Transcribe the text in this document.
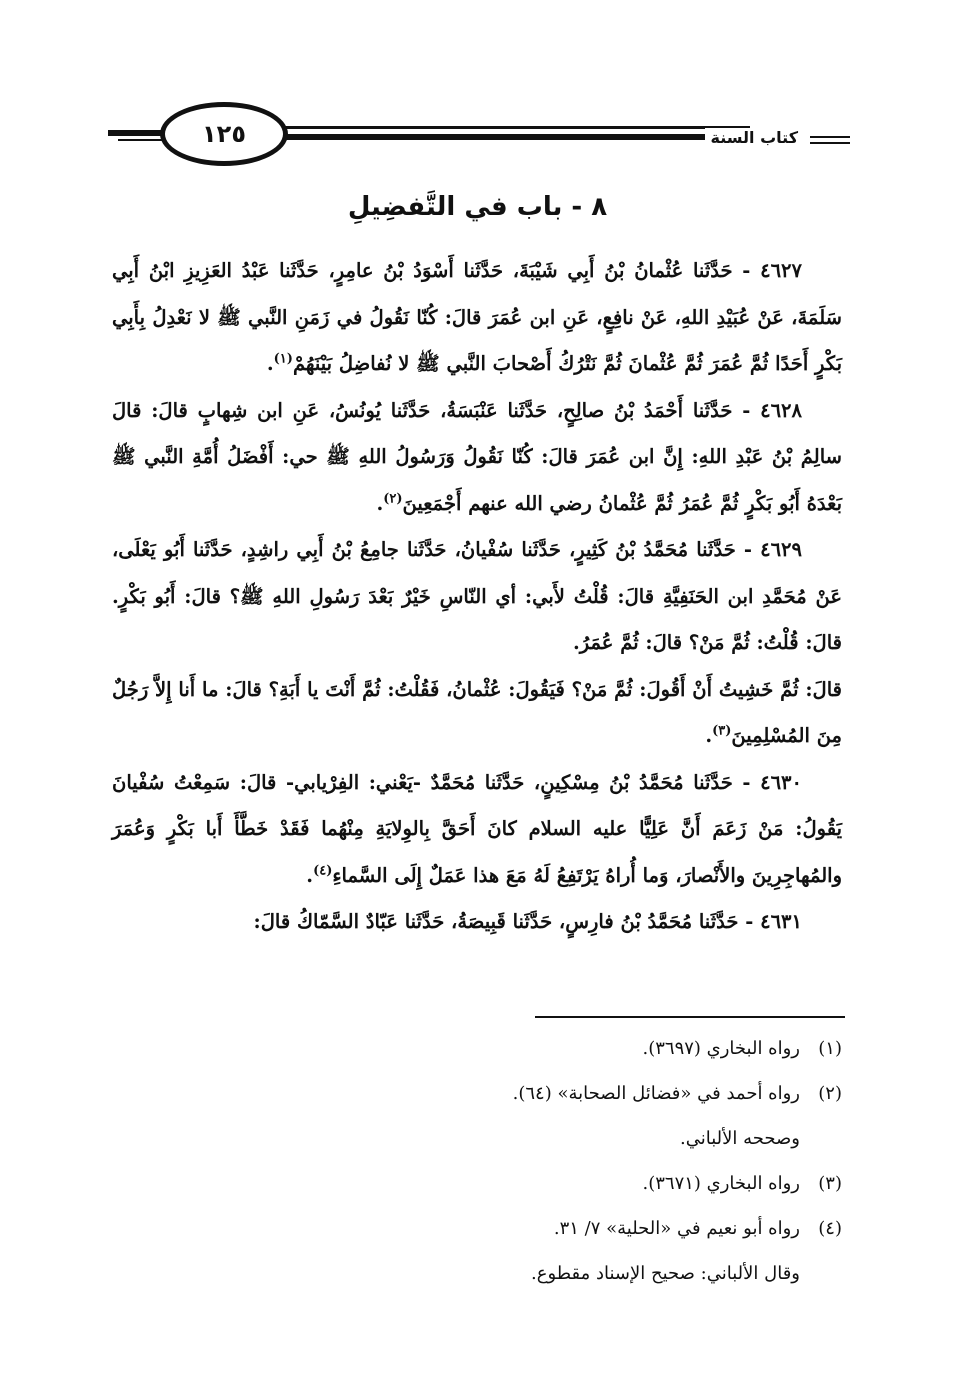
١٢٥	كتاب السنة
٨ - باب في التَّفضِيلِ

٤٦٢٧ - حَدَّثَنا عُثْمانُ بْنُ أَبِي شَيْبَةَ، حَدَّثَنا أَسْوَدُ بْنُ عامِرٍ، حَدَّثَنا عَبْدُ العَزِيزِ ابْنُ أَبِي سَلَمَةَ، عَنْ عُبَيْدِ اللهِ، عَنْ نافِعٍ، عَنِ ابن عُمَرَ قالَ: كُنّا نَقُولُ في زَمَنِ النَّبي ﷺ لا نَعْدِلُ بِأَبِي بَكْرٍ أَحَدًا ثُمَّ عُمَرَ ثُمَّ عُثْمانَ ثُمَّ نَتْرُكُ أَصْحابَ النَّبي ﷺ لا نُفاضِلُ بَيْنَهُمْ$^{(١)}$.

٤٦٢٨ - حَدَّثَنا أَحْمَدُ بْنُ صالِحٍ، حَدَّثَنا عَنْبَسَةُ، حَدَّثَنا يُونُسُ، عَنِ ابن شِهابٍ قالَ: قالَ سالِمُ بْنُ عَبْدِ اللهِ: إِنَّ ابن عُمَرَ قالَ: كُنّا نَقُولُ وَرَسُولُ اللهِ ﷺ حي: أَفْضَلُ أُمَّةِ النَّبي ﷺ بَعْدَهُ أَبُو بَكْرٍ ثُمَّ عُمَرُ ثُمَّ عُثْمانُ رضي الله عنهم أَجْمَعِينَ$^{(٢)}$.

٤٦٢٩ - حَدَّثَنا مُحَمَّدُ بْنُ كَثِيرٍ، حَدَّثَنا سُفْيانُ، حَدَّثَنا جامِعُ بْنُ أَبِي راشِدٍ، حَدَّثَنا أَبُو يَعْلَى، عَنْ مُحَمَّدِ ابن الحَنَفِيَّةِ قالَ: قُلْتُ لأَبي: أي النّاسِ خَيْرٌ بَعْدَ رَسُولِ اللهِ ﷺ؟ قالَ: أَبُو بَكْرٍ. قالَ: قُلْتُ: ثُمَّ مَنْ؟ قالَ: ثُمَّ عُمَرُ.

قالَ: ثُمَّ خَشِيتُ أَنْ أَقُولَ: ثُمَّ مَنْ؟ فَيَقُولَ: عُثْمانُ، فَقُلْتُ: ثُمَّ أَنْتَ يا أَبَةِ؟ قالَ: ما أَنا إِلاَّ رَجُلٌ مِنَ المُسْلِمِينَ$^{(٣)}$.

٤٦٣٠ - حَدَّثَنا مُحَمَّدُ بْنُ مِسْكِينٍ، حَدَّثَنا مُحَمَّدٌ -يَعْني: الفِرْيابي- قالَ: سَمِعْتُ سُفْيانَ يَقُولُ: مَنْ زَعَمَ أَنَّ عَلِيًّا عليه السلام كانَ أَحَقَّ بِالوِلايَةِ مِنْهُما فَقَدْ خَطَّأَ أَبا بَكْرٍ وَعُمَرَ والمُهاجِرِينَ والأَنْصارَ، وَما أُراهُ يَرْتَفِعُ لَهُ مَعَ هذا عَمَلٌ إِلَى السَّماءِ$^{(٤)}$.

٤٦٣١ - حَدَّثَنا مُحَمَّدُ بْنُ فارِسٍ، حَدَّثَنا قَبِيصَةُ، حَدَّثَنا عَبّادٌ السَّمّاكُ قالَ:

(١)
رواه البخاري (٣٦٩٧).
(٢)
رواه أحمد في «فضائل الصحابة» (٦٤).
وصححه الألباني.
(٣)
رواه البخاري (٣٦٧١).
(٤)
رواه أبو نعيم في «الحلية» ٧/ ٣١.
وقال الألباني: صحيح الإسناد مقطوع.
